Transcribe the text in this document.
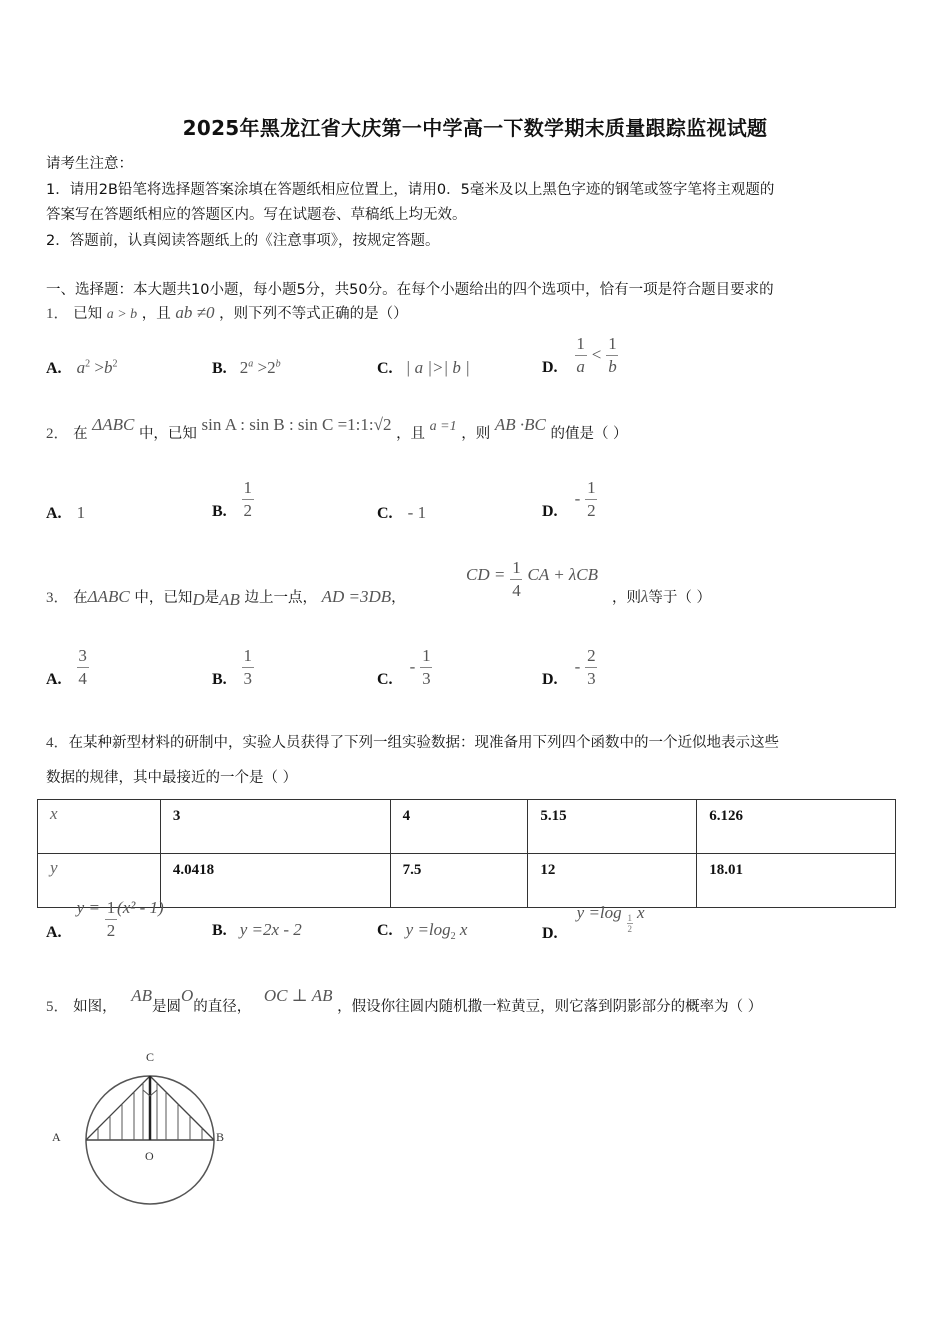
2025年黑龙江省大庆第一中学高一下数学期末质量跟踪监视试题
请考生注意：
1．请用2B铅笔将选择题答案涂填在答题纸相应位置上，请用0．5毫米及以上黑色字迹的钢笔或签字笔将主观题的
答案写在答题纸相应的答题区内。写在试题卷、草稿纸上均无效。
2．答题前，认真阅读答题纸上的《注意事项》，按规定答题。
一、选择题：本大题共10小题，每小题5分，共50分。在每个小题给出的四个选项中，恰有一项是符合题目要求的
1． 已知 a > b ，且 ab ≠0 ，则下列不等式正确的是（）
A. $a^2 >b^2$	B. $2^a >2^b$	C. | a |>| b |	D. $\frac{1}{a} < \frac{1}{b}$
2． 在 ΔABC 中，已知 sin A : sin B : sin C =1:1:√2 ，且 a =1 ，则 AB ·BC 的值是（ ）
A. 1	B. $\frac{1}{2}$	C. - 1	D. - $\frac{1}{2}$
3． 在ΔABC 中，已知D是AB 边上一点， AD =3DB，
CD = $\frac{1}{4}$ CA + λCB
，则λ等于（ ）
A. $\frac{3}{4}$	B. $\frac{1}{3}$	C. - $\frac{1}{3}$	D. - $\frac{2}{3}$
4．在某种新型材料的研制中，实验人员获得了下列一组实验数据：现准备用下列四个函数中的一个近似地表示这些
数据的规律，其中最接近的一个是（ ）
x	3	4	5.15	6.126
y	4.0418	7.5	12	18.01
A. $y = \frac{1}{2} (x^2 - 1)$
B. y =2x - 2	C. $y =\log_2$ x	D. y =log
$\frac{1}{2}$
x
5． 如图， AB是圆O的直径， OC ⊥ AB ，假设你往圆内随机撒一粒黄豆，则它落到阴影部分的概率为（ ）
C
A	B
O
